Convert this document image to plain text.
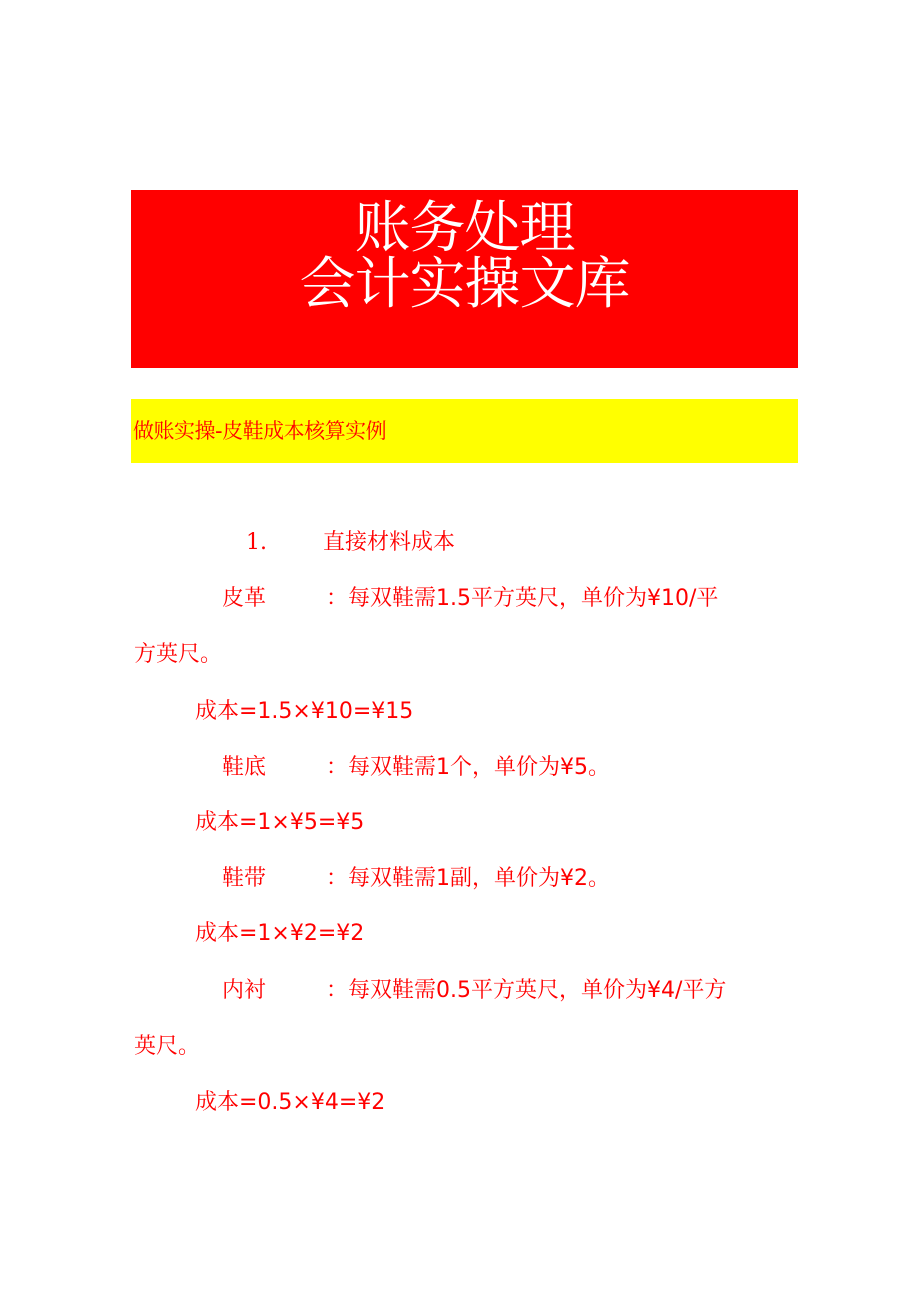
账务处理
会计实操文库
做账实操-皮鞋成本核算实例
1.	直接材料成本
皮革	：每双鞋需1.5平方英尺，单价为¥10/平
方英尺。
成本=1.5×¥10=¥15
鞋底	：每双鞋需1个，单价为¥5。
成本=1×¥5=¥5
鞋带	：每双鞋需1副，单价为¥2。
成本=1×¥2=¥2
内衬	：每双鞋需0.5平方英尺，单价为¥4/平方
英尺。
成本=0.5×¥4=¥2
